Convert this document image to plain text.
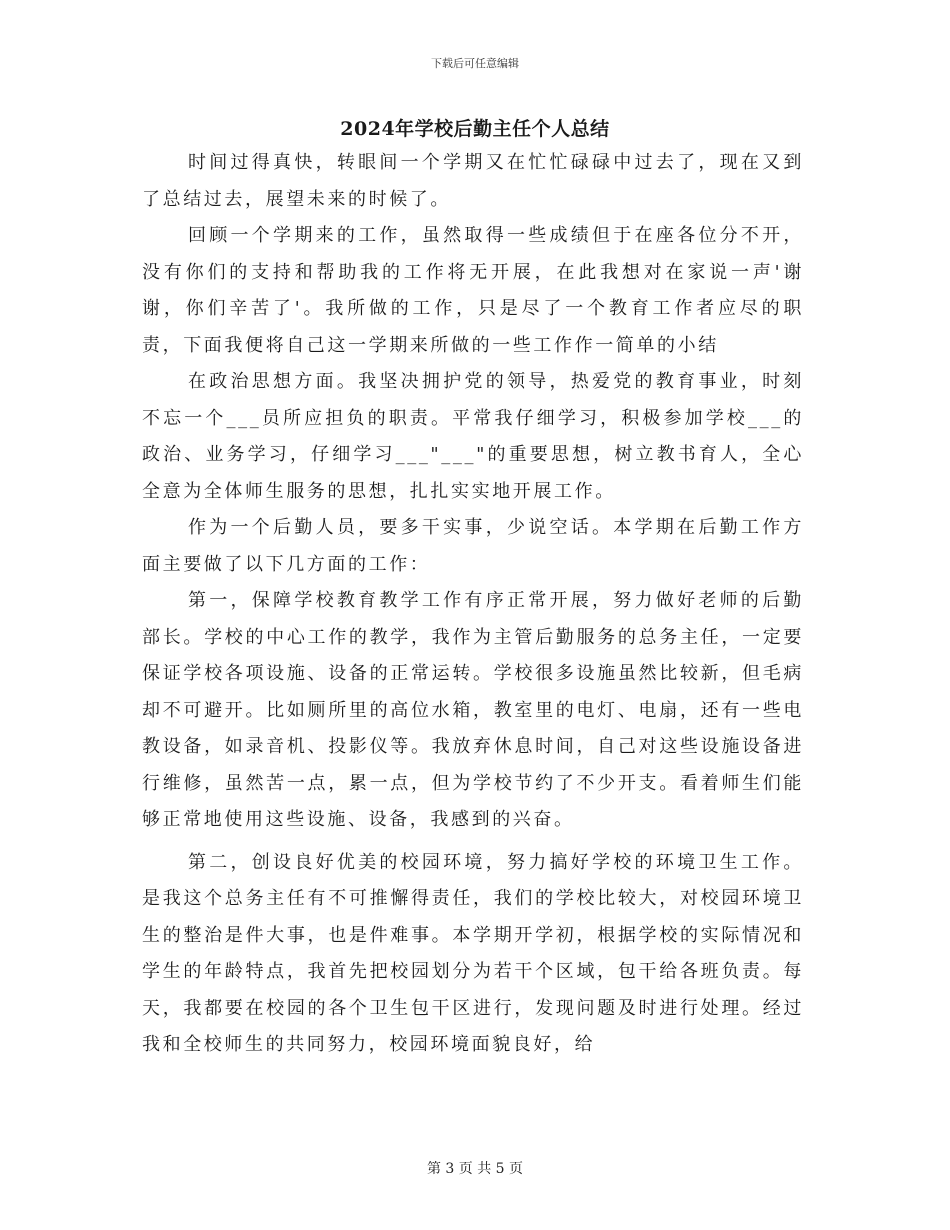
下载后可任意编辑
2024年学校后勤主任个人总结

时间过得真快，转眼间一个学期又在忙忙碌碌中过去了，现在又到了总结过去，展望未来的时候了。

回顾一个学期来的工作，虽然取得一些成绩但于在座各位分不开，没有你们的支持和帮助我的工作将无开展，在此我想对在家说一声'谢谢，你们辛苦了'。我所做的工作，只是尽了一个教育工作者应尽的职责，下面我便将自己这一学期来所做的一些工作作一简单的小结

在政治思想方面。我坚决拥护党的领导，热爱党的教育事业，时刻不忘一个___员所应担负的职责。平常我仔细学习，积极参加学校___的政治、业务学习，仔细学习___"___"的重要思想，树立教书育人，全心全意为全体师生服务的思想，扎扎实实地开展工作。

作为一个后勤人员，要多干实事，少说空话。本学期在后勤工作方面主要做了以下几方面的工作：

第一，保障学校教育教学工作有序正常开展，努力做好老师的后勤部长。学校的中心工作的教学，我作为主管后勤服务的总务主任，一定要保证学校各项设施、设备的正常运转。学校很多设施虽然比较新，但毛病却不可避开。比如厕所里的高位水箱，教室里的电灯、电扇，还有一些电教设备，如录音机、投影仪等。我放弃休息时间，自己对这些设施设备进行维修，虽然苦一点，累一点，但为学校节约了不少开支。看着师生们能够正常地使用这些设施、设备，我感到的兴奋。

第二，创设良好优美的校园环境，努力搞好学校的环境卫生工作。是我这个总务主任有不可推懈得责任，我们的学校比较大，对校园环境卫生的整治是件大事，也是件难事。本学期开学初，根据学校的实际情况和学生的年龄特点，我首先把校园划分为若干个区域，包干给各班负责。每天，我都要在校园的各个卫生包干区进行，发现问题及时进行处理。经过我和全校师生的共同努力，校园环境面貌良好，给

第 3 页 共 5 页
